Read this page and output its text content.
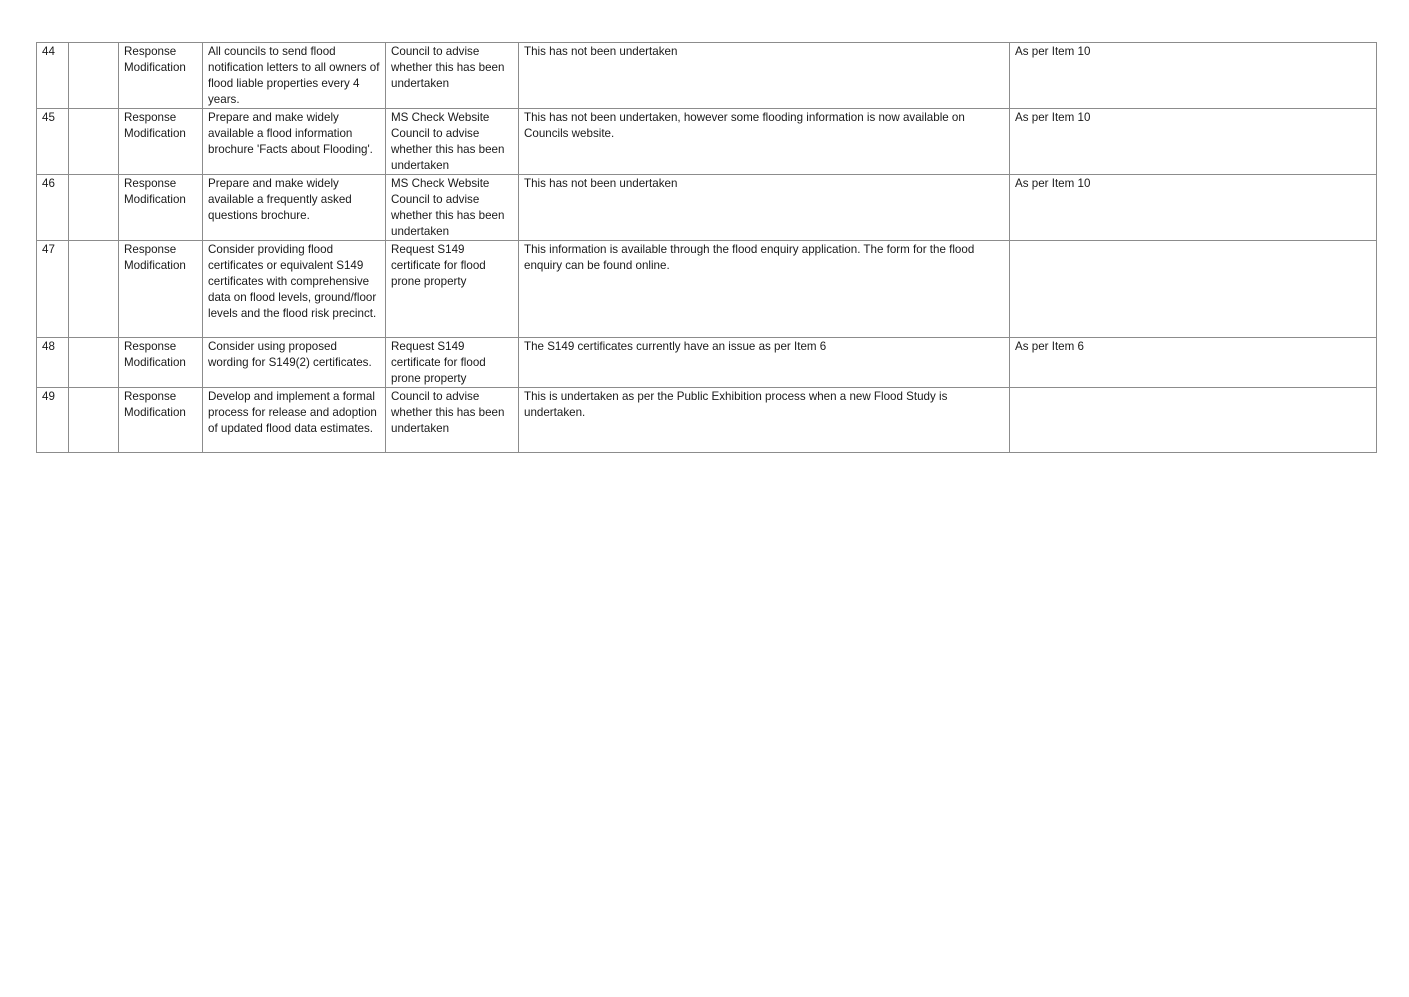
44		Response Modification	All councils to send flood notification letters to all owners of flood liable properties every 4 years.	Council to advise whether this has been undertaken	This has not been undertaken	As per Item 10
45		Response Modification	Prepare and make widely available a flood information brochure 'Facts about Flooding'.	MS Check Website Council to advise whether this has been undertaken	This has not been undertaken, however some flooding information is now available on Councils website.	As per Item 10
46		Response Modification	Prepare and make widely available a frequently asked questions brochure.	MS Check Website Council to advise whether this has been undertaken	This has not been undertaken	As per Item 10
47		Response Modification	Consider providing flood certificates or equivalent S149 certificates with comprehensive data on flood levels, ground/floor levels and the flood risk precinct.	Request S149 certificate for flood prone property	This information is available through the flood enquiry application. The form for the flood enquiry can be found online.	
48		Response Modification	Consider using proposed wording for S149(2) certificates.	Request S149 certificate for flood prone property	The S149 certificates currently have an issue as per Item 6	As per Item 6
49		Response Modification	Develop and implement a formal process for release and adoption of updated flood data estimates.	Council to advise whether this has been undertaken	This is undertaken as per the Public Exhibition process when a new Flood Study is undertaken.	
